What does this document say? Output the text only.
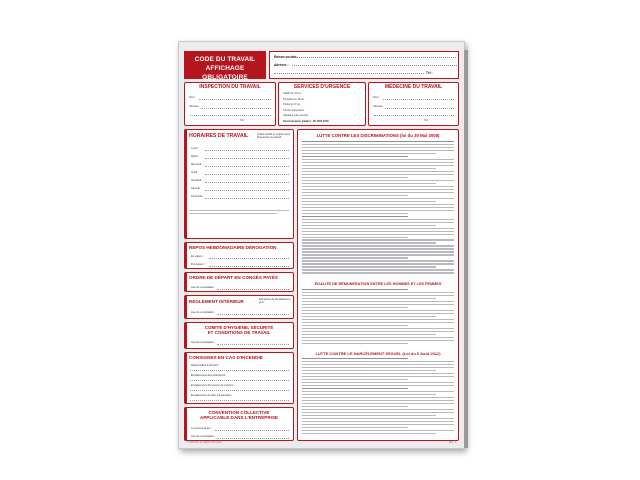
CODE DU TRAVAIL
AFFICHAGE OBLIGATOIRE
Raison sociale :
Adresse :
Tél :
INSPECTION DU TRAVAIL
Nom :
Adresse :
Tél :
SERVICES D'URGENCE
SAMU le 15 ou :
Pompiers le 18 ou :
Police le 17 ou :
Centre anti-poison :
Hôpital le plus proche :
Discrimination (Halde) : 08 1000 5000
MÉDECINE DU TRAVAIL
Nom :
Adresse :
Tél :
HORAIRES DE TRAVAIL	À faire établir le registre pour l'inspection du travail
Lundi :
Mardi :
Mercredi :
Jeudi :
Vendredi :
Samedi :
Dimanche :
REPOS HEBDOMADAIRE DÉROGATION
En saison :
Permanent :
ORDRE DE DÉPART EN CONGÉS PAYÉS
Lieu de consultation :
RÈGLEMENT INTÉRIEUR	Entreprise de 20 salariés et plus
Lieu de consultation :
COMITÉ D'HYGIÈNE, SÉCURITÉ
ET CONDITIONS DE TRAVAIL
Lieu de consultation :
CONSIGNES EN CAS D'INCENDIE
Responsable à prévenir :
Emplacement des extincteurs :
Emplacement des issues de secours :
Emplacement du plan d'évacuation :
CONVENTION COLLECTIVE
APPLICABLE DANS L'ENTREPRISE
Le personnel est :
Lieu de consultation :
LUTTE CONTRE LES DISCRIMINATIONS (loi du 30 Mai 2008)
ÉGALITÉ DE RÉMUNÉRATION ENTRE LES HOMMES ET LES FEMMES
LUTTE CONTRE LE HARCÈLEMENT SEXUEL (Loi du 6 Août 2012)
© MONTEL & CARROUTE 2012	Réf : 1
